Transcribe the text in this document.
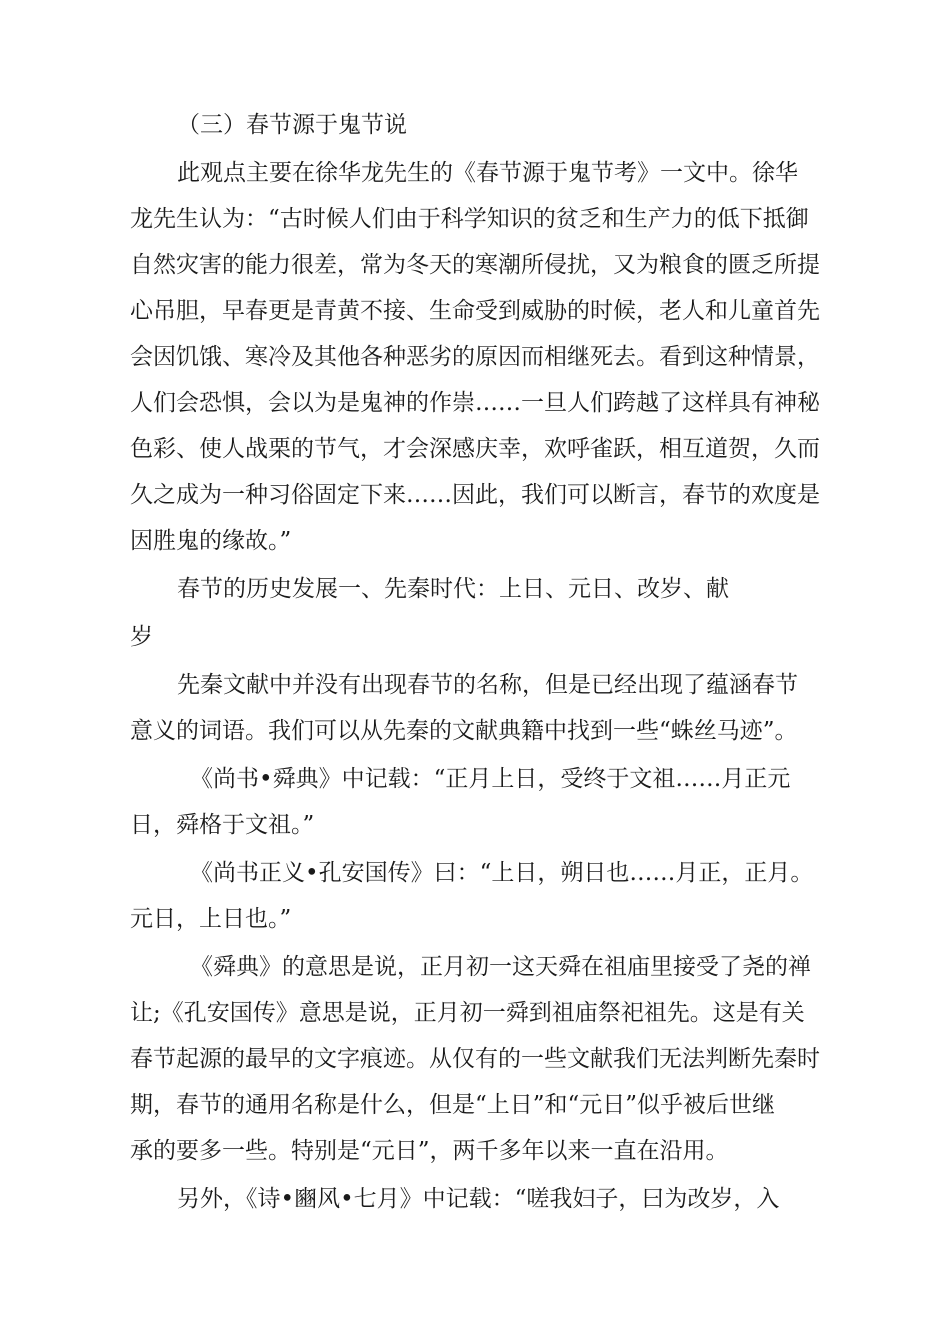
（三）春节源于鬼节说

此观点主要在徐华龙先生的《春节源于鬼节考》一文中。徐华

龙先生认为：“古时候人们由于科学知识的贫乏和生产力的低下抵御

自然灾害的能力很差，常为冬天的寒潮所侵扰，又为粮食的匮乏所提

心吊胆，早春更是青黄不接、生命受到威胁的时候，老人和儿童首先

会因饥饿、寒冷及其他各种恶劣的原因而相继死去。看到这种情景，

人们会恐惧，会以为是鬼神的作崇……一旦人们跨越了这样具有神秘

色彩、使人战栗的节气，才会深感庆幸，欢呼雀跃，相互道贺，久而

久之成为一种习俗固定下来……因此，我们可以断言，春节的欢度是

因胜鬼的缘故。”

春节的历史发展一、先秦时代：上日、元日、改岁、献

岁

先秦文献中并没有出现春节的名称，但是已经出现了蕴涵春节

意义的词语。我们可以从先秦的文献典籍中找到一些“蛛丝马迹”。

《尚书•舜典》中记载：“正月上日，受终于文祖……月正元

日，舜格于文祖。”

《尚书正义•孔安国传》曰：“上日，朔日也……月正，正月。

元日，上日也。”

《舜典》的意思是说，正月初一这天舜在祖庙里接受了尧的禅

让;《孔安国传》意思是说，正月初一舜到祖庙祭祀祖先。这是有关

春节起源的最早的文字痕迹。从仅有的一些文献我们无法判断先秦时

期，春节的通用名称是什么，但是“上日”和“元日”似乎被后世继

承的要多一些。特别是“元日”，两千多年以来一直在沿用。

另外，《诗•豳风•七月》中记载：“嗟我妇子，曰为改岁，入
